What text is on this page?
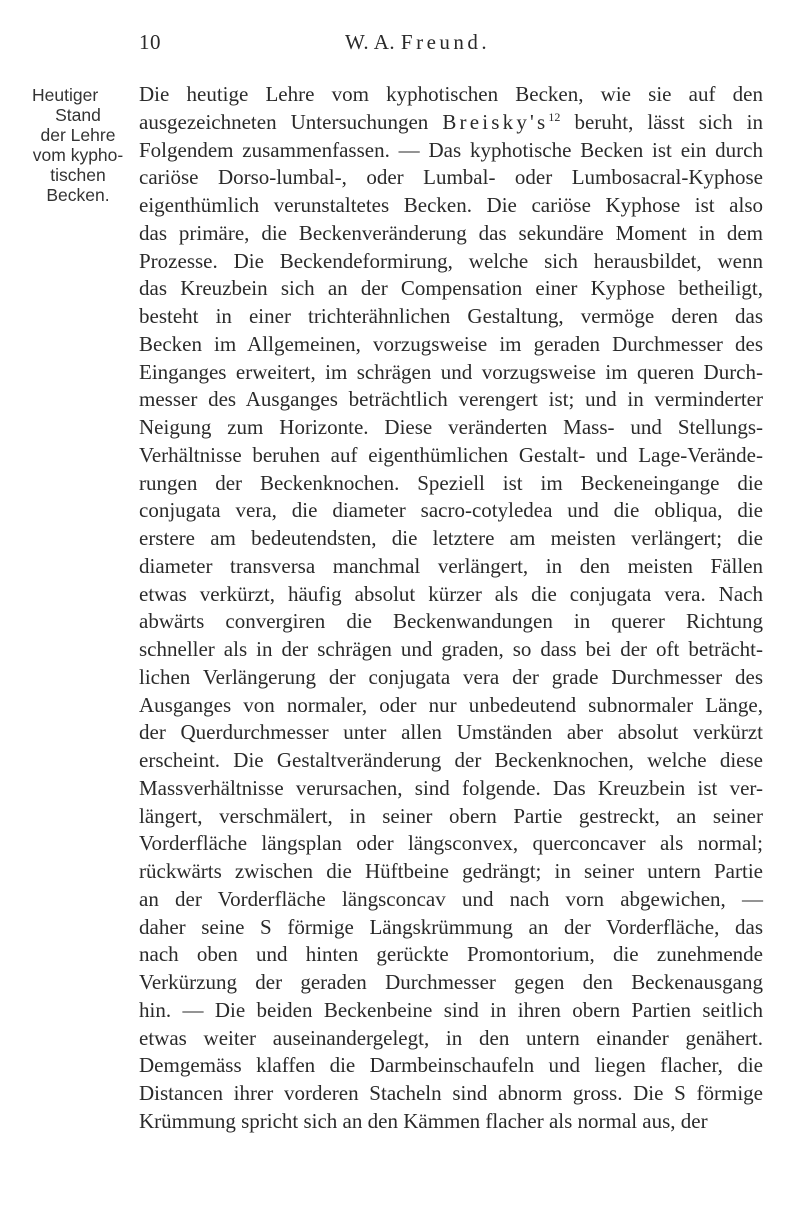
10	W. A. Freund.
Heutiger
Stand
der Lehre
vom kypho-
tischen
Becken.
Die heutige Lehre vom kyphotischen Becken, wie sie auf den
ausgezeichneten Untersuchungen $Breisky's^{12}$ beruht, lässt sich in
Folgendem zusammenfassen. — Das kyphotische Becken ist ein durch
cariöse Dorso-lumbal-, oder Lumbal- oder Lumbosacral-Kyphose
eigenthümlich verunstaltetes Becken. Die cariöse Kyphose ist also
das primäre, die Beckenveränderung das sekundäre Moment in dem
Prozesse. Die Beckendeformirung, welche sich herausbildet, wenn
das Kreuzbein sich an der Compensation einer Kyphose betheiligt,
besteht in einer trichterähnlichen Gestaltung, vermöge deren das
Becken im Allgemeinen, vorzugsweise im geraden Durchmesser des
Einganges erweitert, im schrägen und vorzugsweise im queren Durch-
messer des Ausganges beträchtlich verengert ist; und in verminderter
Neigung zum Horizonte. Diese veränderten Mass- und Stellungs-
Verhältnisse beruhen auf eigenthümlichen Gestalt- und Lage-Verände-
rungen der Beckenknochen. Speziell ist im Beckeneingange die
conjugata vera, die diameter sacro-cotyledea und die obliqua, die
erstere am bedeutendsten, die letztere am meisten verlängert; die
diameter transversa manchmal verlängert, in den meisten Fällen
etwas verkürzt, häufig absolut kürzer als die conjugata vera. Nach
abwärts convergiren die Beckenwandungen in querer Richtung
schneller als in der schrägen und graden, so dass bei der oft beträcht-
lichen Verlängerung der conjugata vera der grade Durchmesser des
Ausganges von normaler, oder nur unbedeutend subnormaler Länge,
der Querdurchmesser unter allen Umständen aber absolut verkürzt
erscheint. Die Gestaltveränderung der Beckenknochen, welche diese
Massverhältnisse verursachen, sind folgende. Das Kreuzbein ist ver-
längert, verschmälert, in seiner obern Partie gestreckt, an seiner
Vorderfläche längsplan oder längsconvex, querconcaver als normal;
rückwärts zwischen die Hüftbeine gedrängt; in seiner untern Partie
an der Vorderfläche längsconcav und nach vorn abgewichen, —
daher seine S förmige Längskrümmung an der Vorderfläche, das
nach oben und hinten gerückte Promontorium, die zunehmende
Verkürzung der geraden Durchmesser gegen den Beckenausgang
hin. — Die beiden Beckenbeine sind in ihren obern Partien seitlich
etwas weiter auseinandergelegt, in den untern einander genähert.
Demgemäss klaffen die Darmbeinschaufeln und liegen flacher, die
Distancen ihrer vorderen Stacheln sind abnorm gross. Die S förmige
Krümmung spricht sich an den Kämmen flacher als normal aus, der
